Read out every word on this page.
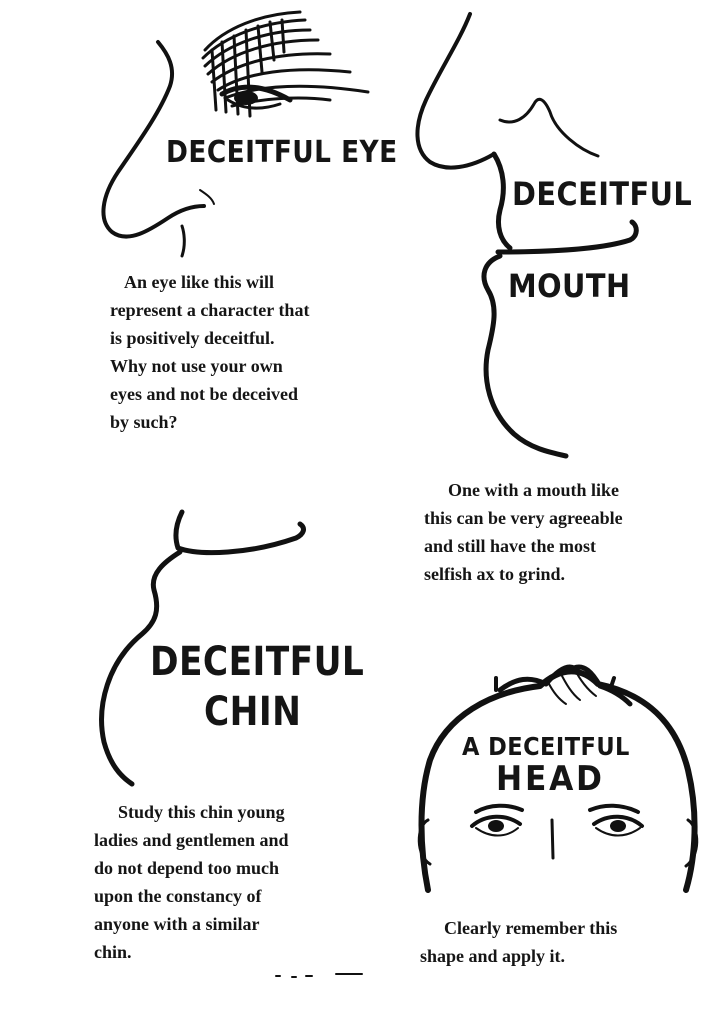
DECEITFUL EYE

An eye like this will

represent a character that

is positively deceitful.

Why not use your own

eyes and not be deceived

by such?

DECEITFUL
MOUTH

One with a mouth like

this can be very agreeable

and still have the most

selfish ax to grind.

DECEITFUL
CHIN

Study this chin young

ladies and gentlemen and

do not depend too much

upon the constancy of

anyone with a similar

chin.

A DECEITFUL
HEAD

Clearly remember this

shape and apply it.
